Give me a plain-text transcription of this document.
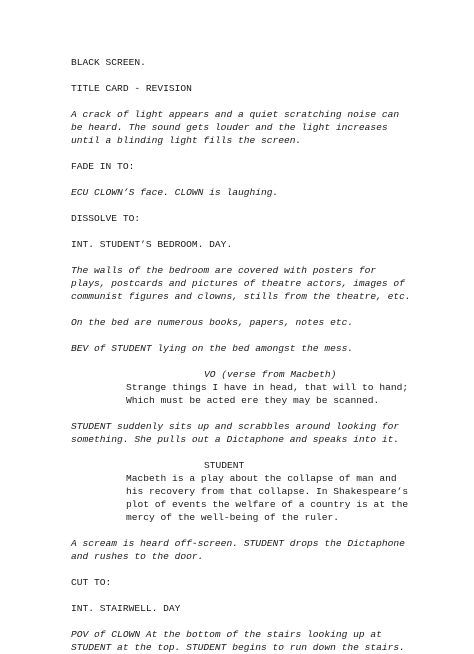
BLACK SCREEN.
TITLE CARD - REVISION
A crack of light appears and a quiet scratching noise can
be heard. The sound gets louder and the light increases
until a blinding light fills the screen.
FADE IN TO:
ECU CLOWN’S face. CLOWN is laughing.
DISSOLVE TO:
INT. STUDENT’S BEDROOM. DAY.
The walls of the bedroom are covered with posters for
plays, postcards and pictures of theatre actors, images of
communist figures and clowns, stills from the theatre, etc.
On the bed are numerous books, papers, notes etc.
BEV of STUDENT lying on the bed amongst the mess.
VO (verse from Macbeth)
Strange things I have in head, that will to hand;
Which must be acted ere they may be scanned.
STUDENT suddenly sits up and scrabbles around looking for
something. She pulls out a Dictaphone and speaks into it.
STUDENT
Macbeth is a play about the collapse of man and
his recovery from that collapse. In Shakespeare’s
plot of events the welfare of a country is at the
mercy of the well-being of the ruler.
A scream is heard off-screen. STUDENT drops the Dictaphone
and rushes to the door.
CUT TO:
INT. STAIRWELL. DAY
POV of CLOWN At the bottom of the stairs looking up at
STUDENT at the top. STUDENT begins to run down the stairs.
